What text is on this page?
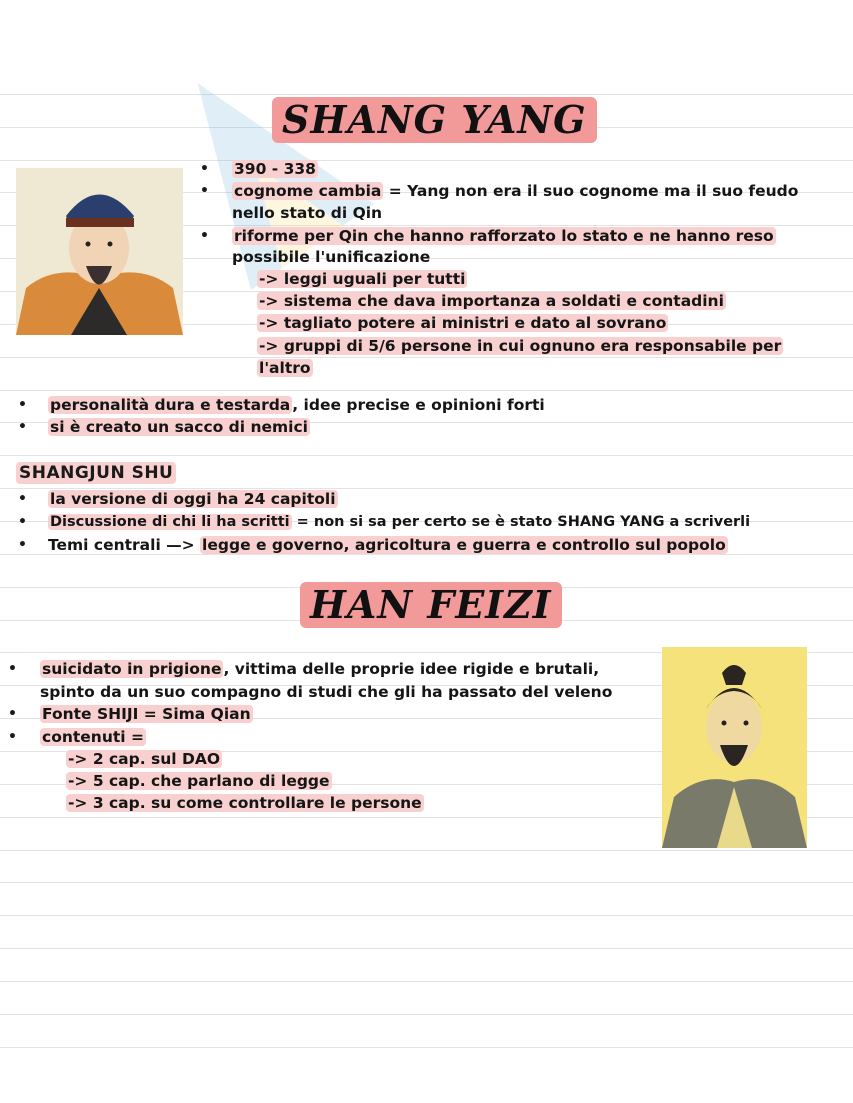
SHANG YANG
• 390 - 338
• cognome cambia = Yang non era il suo cognome ma il suo feudo
nello stato di Qin
• riforme per Qin che hanno rafforzato lo stato e ne hanno reso
possibile l'unificazione
-> leggi uguali per tutti
-> sistema che dava importanza a soldati e contadini
-> tagliato potere ai ministri e dato al sovrano
-> gruppi di 5/6 persone in cui ognuno era responsabile per
l'altro
• personalità dura e testarda , idee precise e opinioni forti
• si è creato un sacco di nemici
SHANGJUN SHU
• la versione di oggi ha 24 capitoli
• Discussione di chi li ha scritti = non si sa per certo se è stato SHANG YANG a scriverli
• Temi centrali —> legge e governo, agricoltura e guerra e controllo sul popolo
HAN FEIZI
• suicidato in prigione , vittima delle proprie idee rigide e brutali,
spinto da un suo compagno di studi che gli ha passato del veleno
• Fonte SHIJI = Sima Qian
• contenuti =
-> 2 cap. sul DAO
-> 5 cap. che parlano di legge
-> 3 cap. su come controllare le persone
